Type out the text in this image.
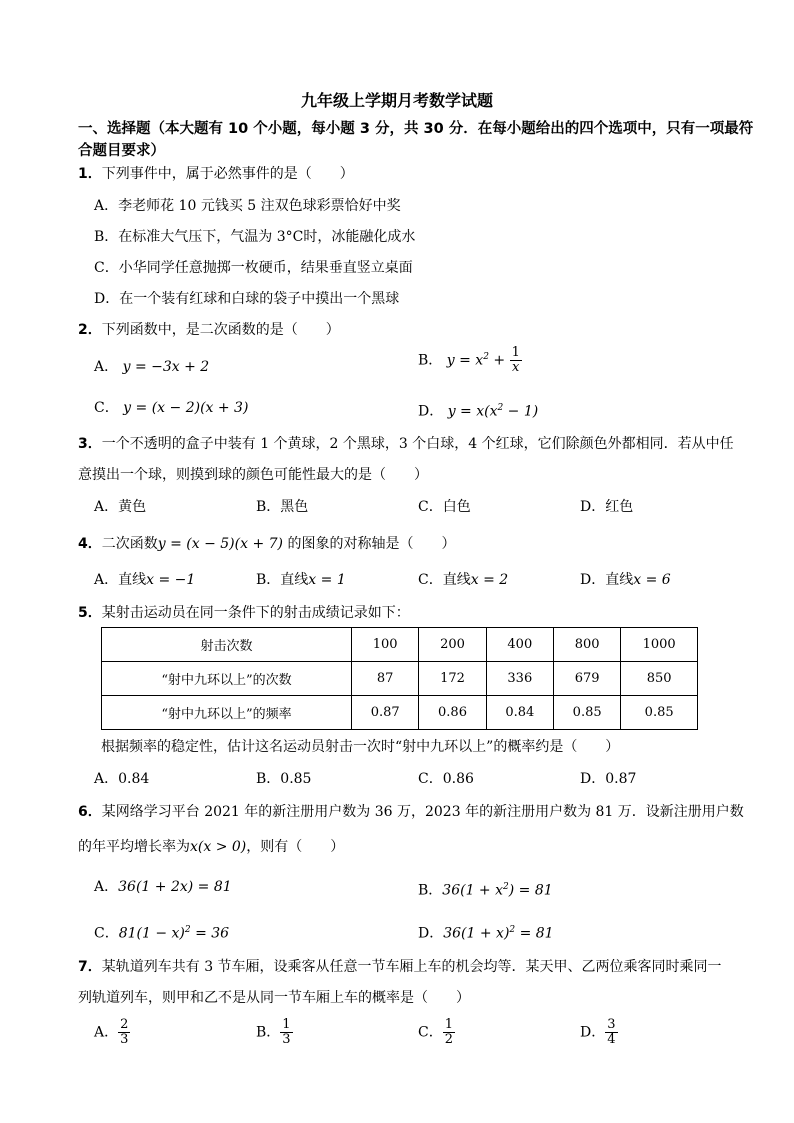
九年级上学期月考数学试题
一、选择题（本大题有 10 个小题，每小题 3 分，共 30 分．在每小题给出的四个选项中，只有一项最符合题目要求）
1．下列事件中，属于必然事件的是（　　）
A．李老师花 10 元钱买 5 注双色球彩票恰好中奖
B．在标准大气压下，气温为 3°C时，冰能融化成水
C．小华同学任意抛掷一枚硬币，结果垂直竖立桌面
D．在一个装有红球和白球的袋子中摸出一个黑球
2．下列函数中，是二次函数的是（　　）
A． y = −3x + 2	B． $y = x^2 + \frac{1}{x}$
C． y = (x − 2)(x + 3)	D． $y = x(x^2 - 1)$
3．一个不透明的盒子中装有 1 个黄球，2 个黑球，3 个白球，4 个红球，它们除颜色外都相同．若从中任
意摸出一个球，则摸到球的颜色可能性最大的是（　　）
A．黄色	B．黑色	C．白色	D．红色
4．二次函数y = (x − 5)(x + 7) 的图象的对称轴是（　　）
A．直线x = −1	B．直线x = 1	C．直线x = 2	D．直线x = 6
5．某射击运动员在同一条件下的射击成绩记录如下：
射击次数	100	200	400	800	1000
“射中九环以上”的次数	87	172	336	679	850
“射中九环以上”的频率	0.87	0.86	0.84	0.85	0.85
根据频率的稳定性，估计这名运动员射击一次时“射中九环以上”的概率约是（　　）
A．0.84	B．0.85	C．0.86	D．0.87
6．某网络学习平台 2021 年的新注册用户数为 36 万，2023 年的新注册用户数为 81 万．设新注册用户数
的年平均增长率为x(x > 0)，则有（　　）
A．36(1 + 2x) = 81	B．$36(1 + x^2) = 81$
C．$81(1 - x)^2 = 36$	D．$36(1 + x)^2 = 81$
7．某轨道列车共有 3 节车厢，设乘客从任意一节车厢上车的机会均等．某天甲、乙两位乘客同时乘同一
列轨道列车，则甲和乙不是从同一节车厢上车的概率是（　　）
A． $\frac{2}{3}$	B． $\frac{1}{3}$	C． $\frac{1}{2}$	D． $\frac{3}{4}$
